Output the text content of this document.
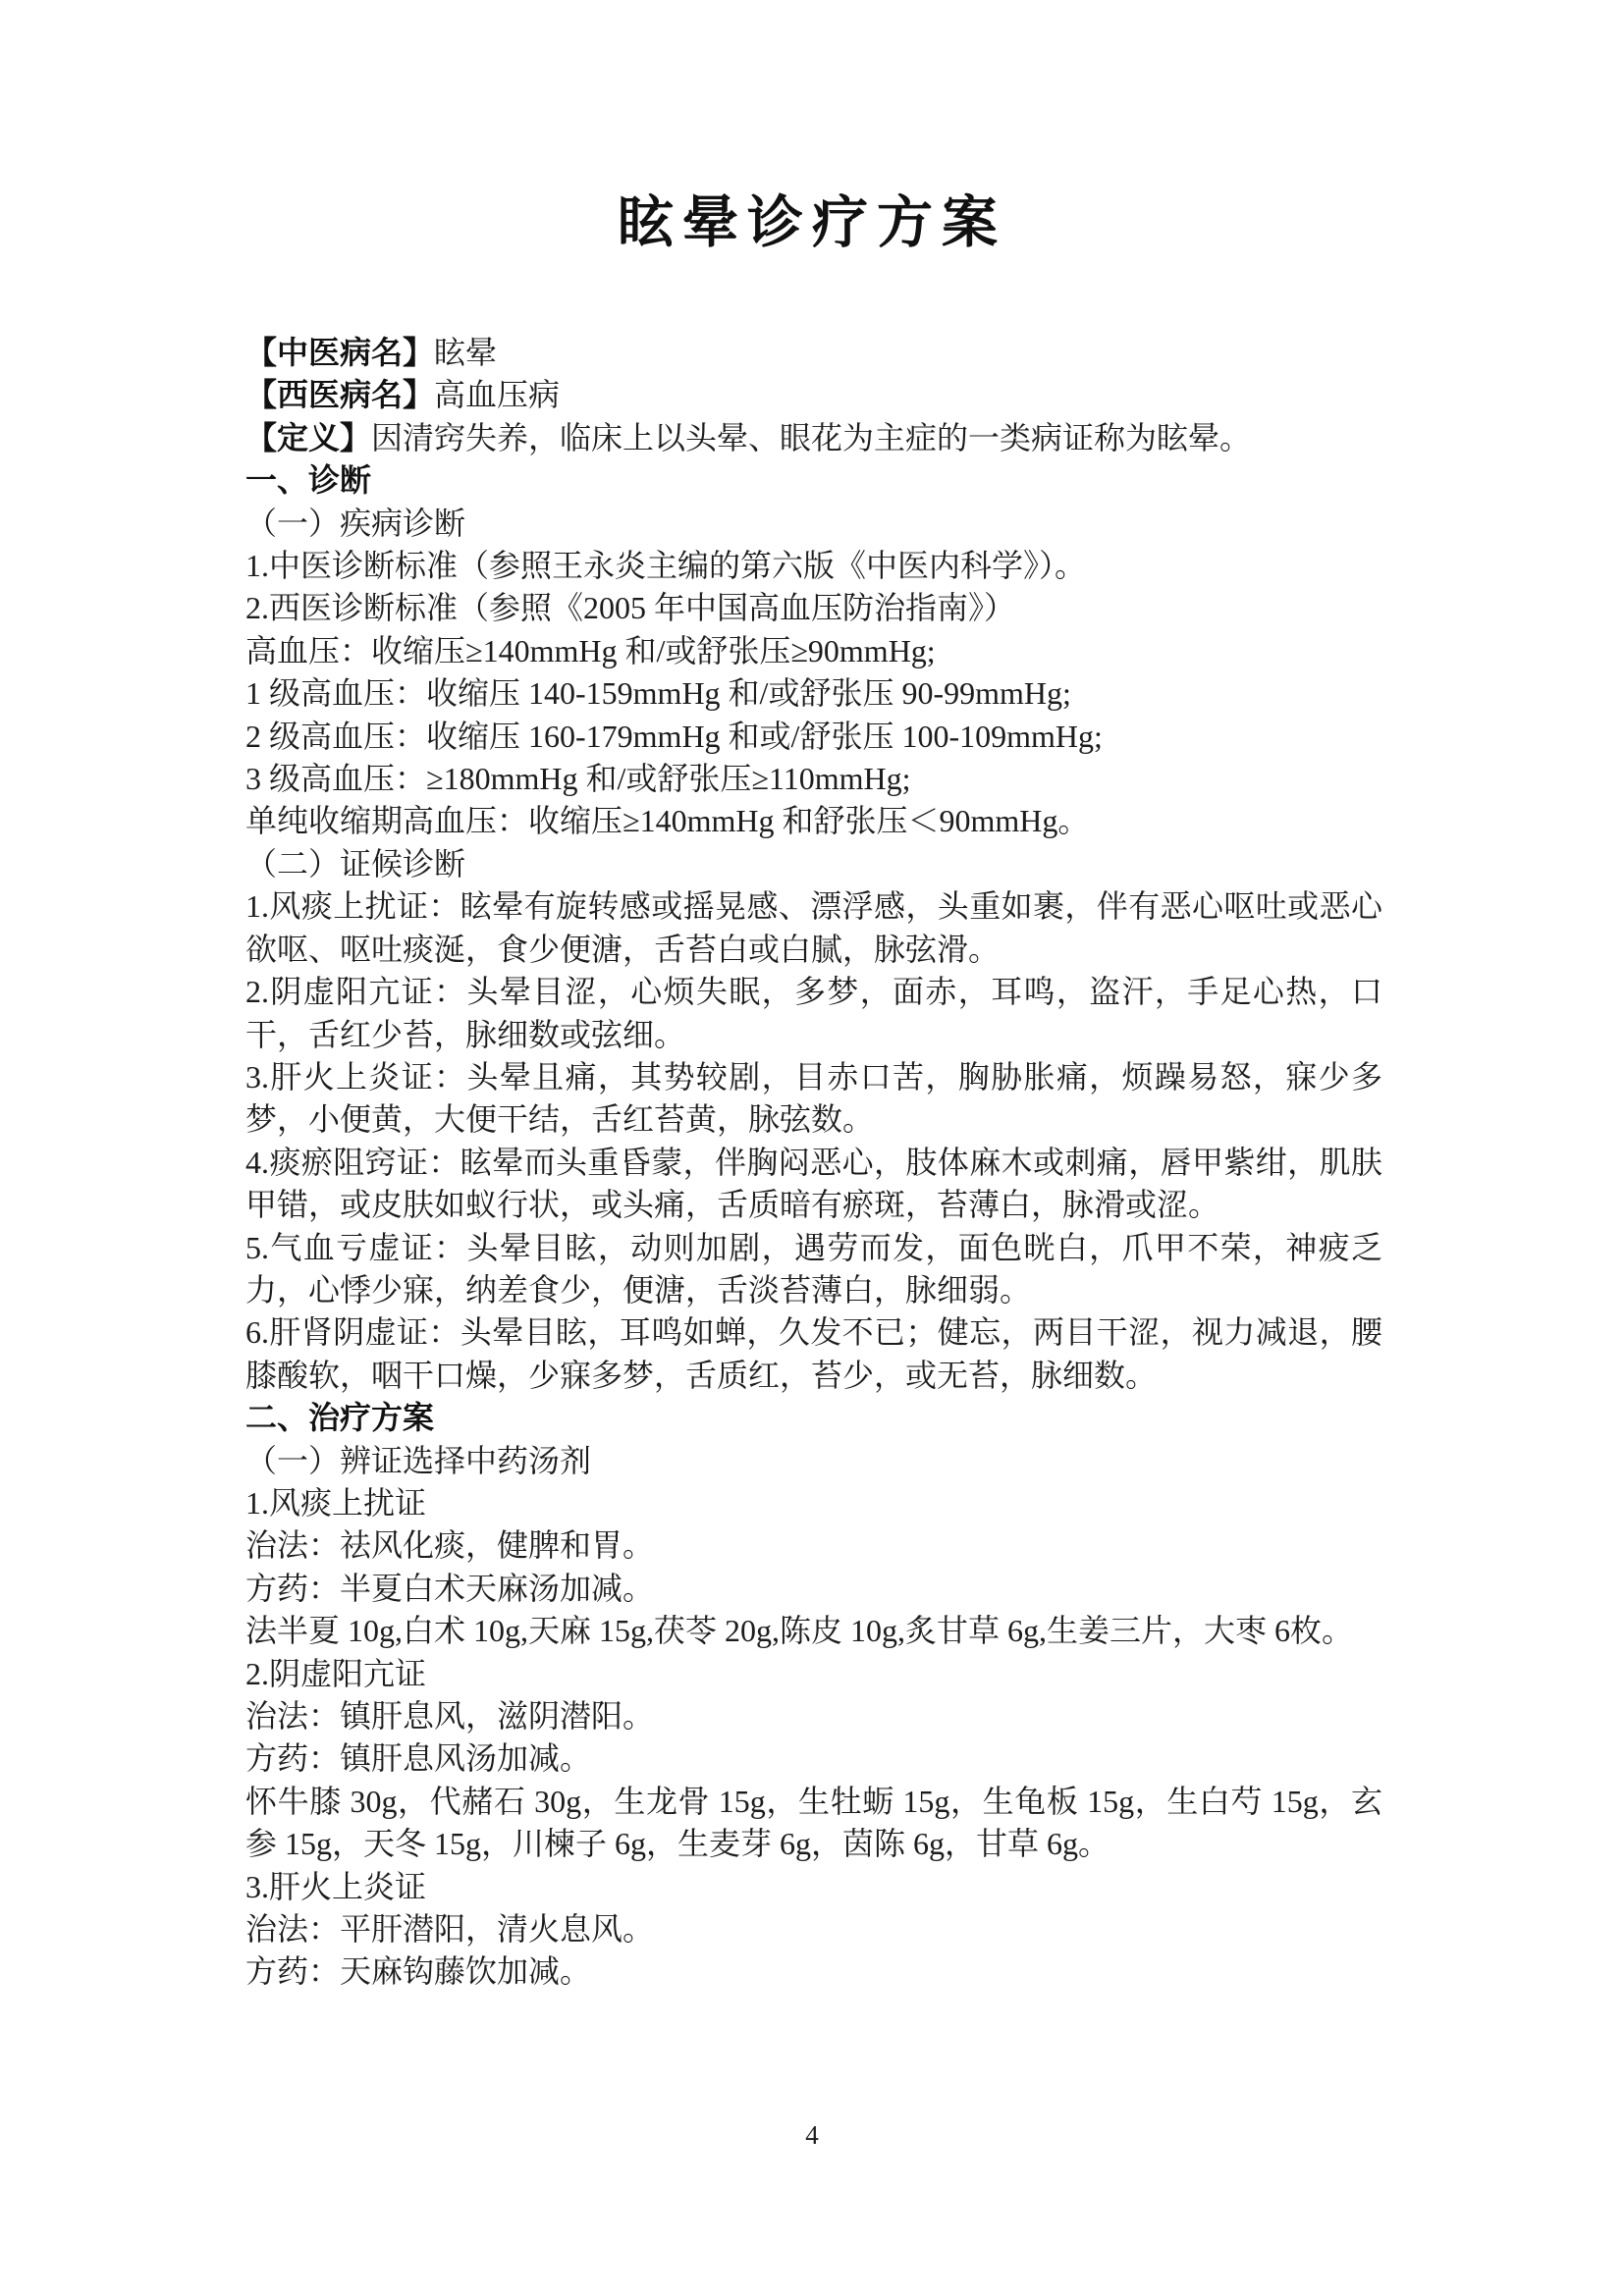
眩晕诊疗方案

【中医病名】眩晕

【西医病名】高血压病

【定义】因清窍失养，临床上以头晕、眼花为主症的一类病证称为眩晕。

一、诊断

（一）疾病诊断

1.中医诊断标准（参照王永炎主编的第六版《中医内科学》）。

2.西医诊断标准（参照《2005 年中国高血压防治指南》）

高血压：收缩压≥140mmHg 和/或舒张压≥90mmHg;

1 级高血压：收缩压 140-159mmHg 和/或舒张压 90-99mmHg;

2 级高血压：收缩压 160-179mmHg 和或/舒张压 100-109mmHg;

3 级高血压：≥180mmHg 和/或舒张压≥110mmHg;

单纯收缩期高血压：收缩压≥140mmHg 和舒张压＜90mmHg。

（二）证候诊断

1.风痰上扰证：眩晕有旋转感或摇晃感、漂浮感，头重如裹，伴有恶心呕吐或恶心欲呕、呕吐痰涎，食少便溏，舌苔白或白腻，脉弦滑。

2.阴虚阳亢证：头晕目涩，心烦失眠，多梦，面赤，耳鸣，盗汗，手足心热，口干，舌红少苔，脉细数或弦细。

3.肝火上炎证：头晕且痛，其势较剧，目赤口苦，胸胁胀痛，烦躁易怒，寐少多梦，小便黄，大便干结，舌红苔黄，脉弦数。

4.痰瘀阻窍证：眩晕而头重昏蒙，伴胸闷恶心，肢体麻木或刺痛，唇甲紫绀，肌肤甲错，或皮肤如蚁行状，或头痛，舌质暗有瘀斑，苔薄白，脉滑或涩。

5.气血亏虚证：头晕目眩，动则加剧，遇劳而发，面色晄白，爪甲不荣，神疲乏力，心悸少寐，纳差食少，便溏，舌淡苔薄白，脉细弱。

6.肝肾阴虚证：头晕目眩，耳鸣如蝉，久发不已；健忘，两目干涩，视力减退，腰膝酸软，咽干口燥，少寐多梦，舌质红，苔少，或无苔，脉细数。

二、治疗方案

（一）辨证选择中药汤剂

1.风痰上扰证

治法：祛风化痰，健脾和胃。

方药：半夏白术天麻汤加减。

法半夏 10g,白术 10g,天麻 15g,茯苓 20g,陈皮 10g,炙甘草 6g,生姜三片，大枣 6枚。

2.阴虚阳亢证

治法：镇肝息风，滋阴潜阳。

方药：镇肝息风汤加减。

怀牛膝 30g，代赭石 30g，生龙骨 15g，生牡蛎 15g，生龟板 15g，生白芍 15g，玄参 15g，天冬 15g，川楝子 6g，生麦芽 6g，茵陈 6g，甘草 6g。

3.肝火上炎证

治法：平肝潜阳，清火息风。

方药：天麻钩藤饮加减。

4
